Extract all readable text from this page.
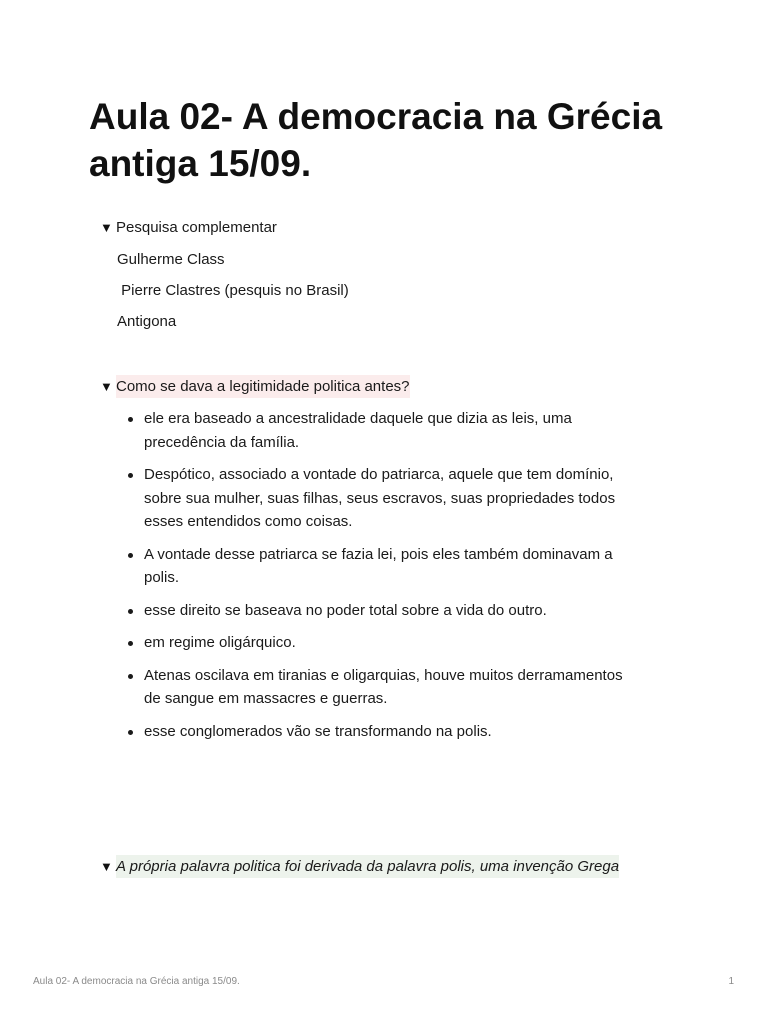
Aula 02- A democracia na Grécia antiga 15/09.
▼ Pesquisa complementar

Gulherme Class

Pierre Clastres (pesquis no Brasil)

Antigona

▼ Como se dava a legitimidade politica antes?
ele era baseado a ancestralidade daquele que dizia as leis, uma precedência da família.
Despótico, associado a vontade do patriarca, aquele que tem domínio, sobre sua mulher, suas filhas, seus escravos, suas propriedades todos esses entendidos como coisas.
A vontade desse patriarca se fazia lei, pois eles também dominavam a polis.
esse direito se baseava no poder total sobre a vida do outro.
em regime oligárquico.
Atenas oscilava em tiranias e oligarquias, houve muitos derramamentos de sangue em massacres e guerras.
esse conglomerados vão se transformando na polis.
▼ A própria palavra politica foi derivada da palavra polis, uma invenção Grega
Aula 02- A democracia na Grécia antiga 15/09.	1
